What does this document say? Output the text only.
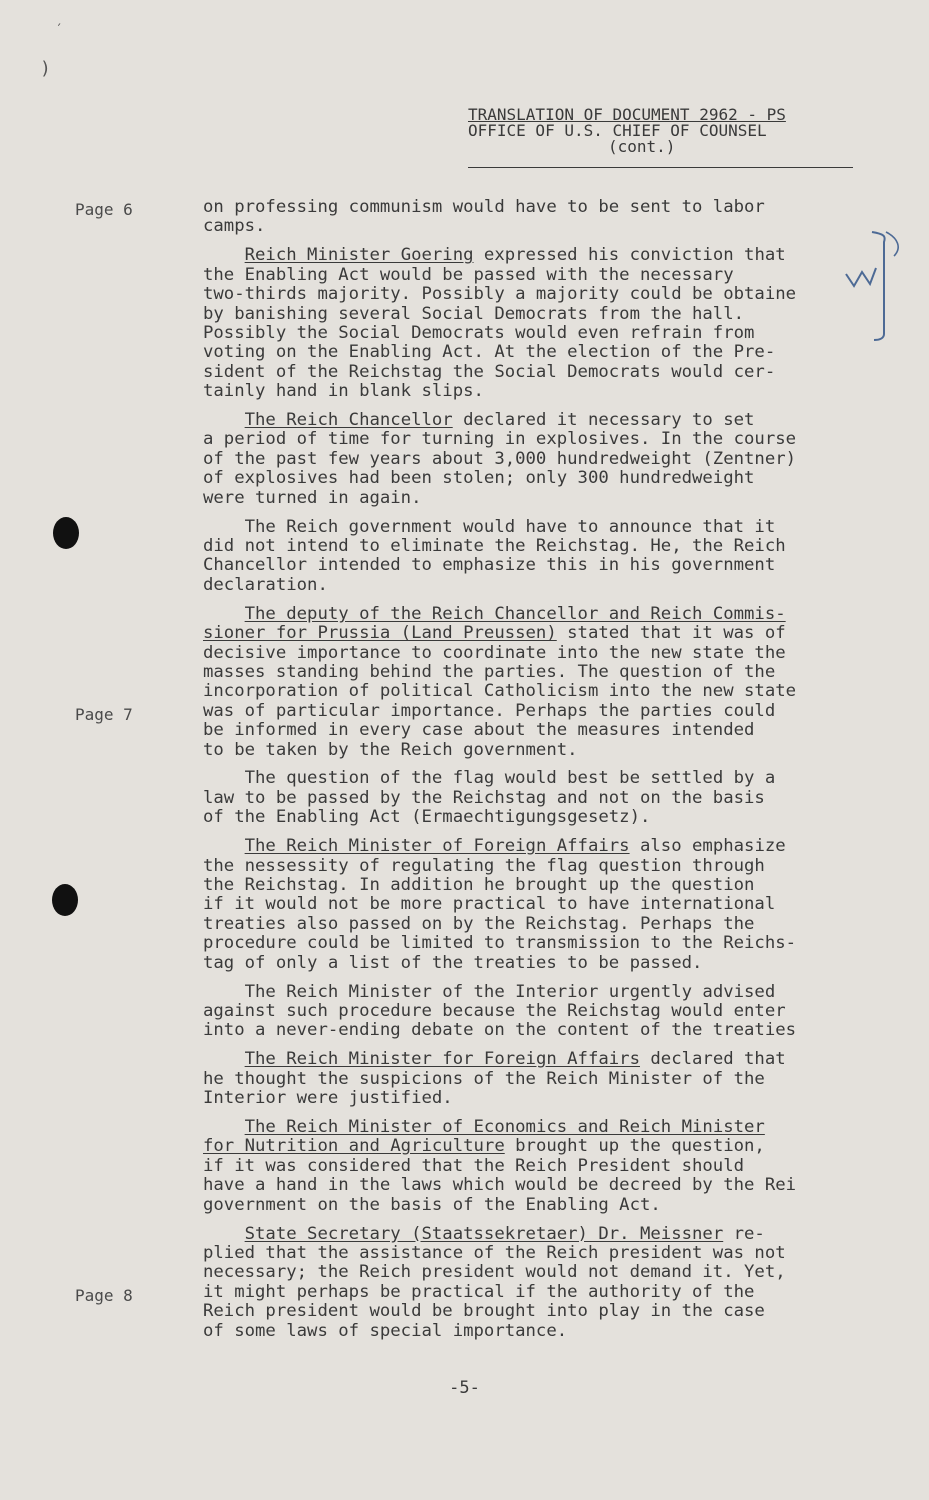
′
)
TRANSLATION OF DOCUMENT 2962 - PS
OFFICE OF U.S. CHIEF OF COUNSEL
(cont.)
Page 6
Page 7
Page 8
on professing communism would have to be sent to labor
camps.
Reich Minister Goering expressed his conviction that
the Enabling Act would be passed with the necessary
two-thirds majority. Possibly a majority could be obtaine
by banishing several Social Democrats from the hall.
Possibly the Social Democrats would even refrain from
voting on the Enabling Act. At the election of the Pre-
sident of the Reichstag the Social Democrats would cer-
tainly hand in blank slips.
The Reich Chancellor declared it necessary to set
a period of time for turning in explosives. In the course
of the past few years about 3,000 hundredweight (Zentner)
of explosives had been stolen; only 300 hundredweight
were turned in again.
The Reich government would have to announce that it
did not intend to eliminate the Reichstag. He, the Reich
Chancellor intended to emphasize this in his government
declaration.
The deputy of the Reich Chancellor and Reich Commis-
sioner for Prussia (Land Preussen) stated that it was of
decisive importance to coordinate into the new state the
masses standing behind the parties. The question of the
incorporation of political Catholicism into the new state
was of particular importance. Perhaps the parties could
be informed in every case about the measures intended
to be taken by the Reich government.
The question of the flag would best be settled by a
law to be passed by the Reichstag and not on the basis
of the Enabling Act (Ermaechtigungsgesetz).
The Reich Minister of Foreign Affairs also emphasize
the nessessity of regulating the flag question through
the Reichstag. In addition he brought up the question
if it would not be more practical to have international
treaties also passed on by the Reichstag. Perhaps the
procedure could be limited to transmission to the Reichs-
tag of only a list of the treaties to be passed.
The Reich Minister of the Interior urgently advised
against such procedure because the Reichstag would enter
into a never-ending debate on the content of the treaties
The Reich Minister for Foreign Affairs declared that
he thought the suspicions of the Reich Minister of the
Interior were justified.
The Reich Minister of Economics and Reich Minister
for Nutrition and Agriculture brought up the question,
if it was considered that the Reich President should
have a hand in the laws which would be decreed by the Rei
government on the basis of the Enabling Act.
State Secretary (Staatssekretaer) Dr. Meissner re-
plied that the assistance of the Reich president was not
necessary; the Reich president would not demand it. Yet,
it might perhaps be practical if the authority of the
Reich president would be brought into play in the case
of some laws of special importance.
-5-
